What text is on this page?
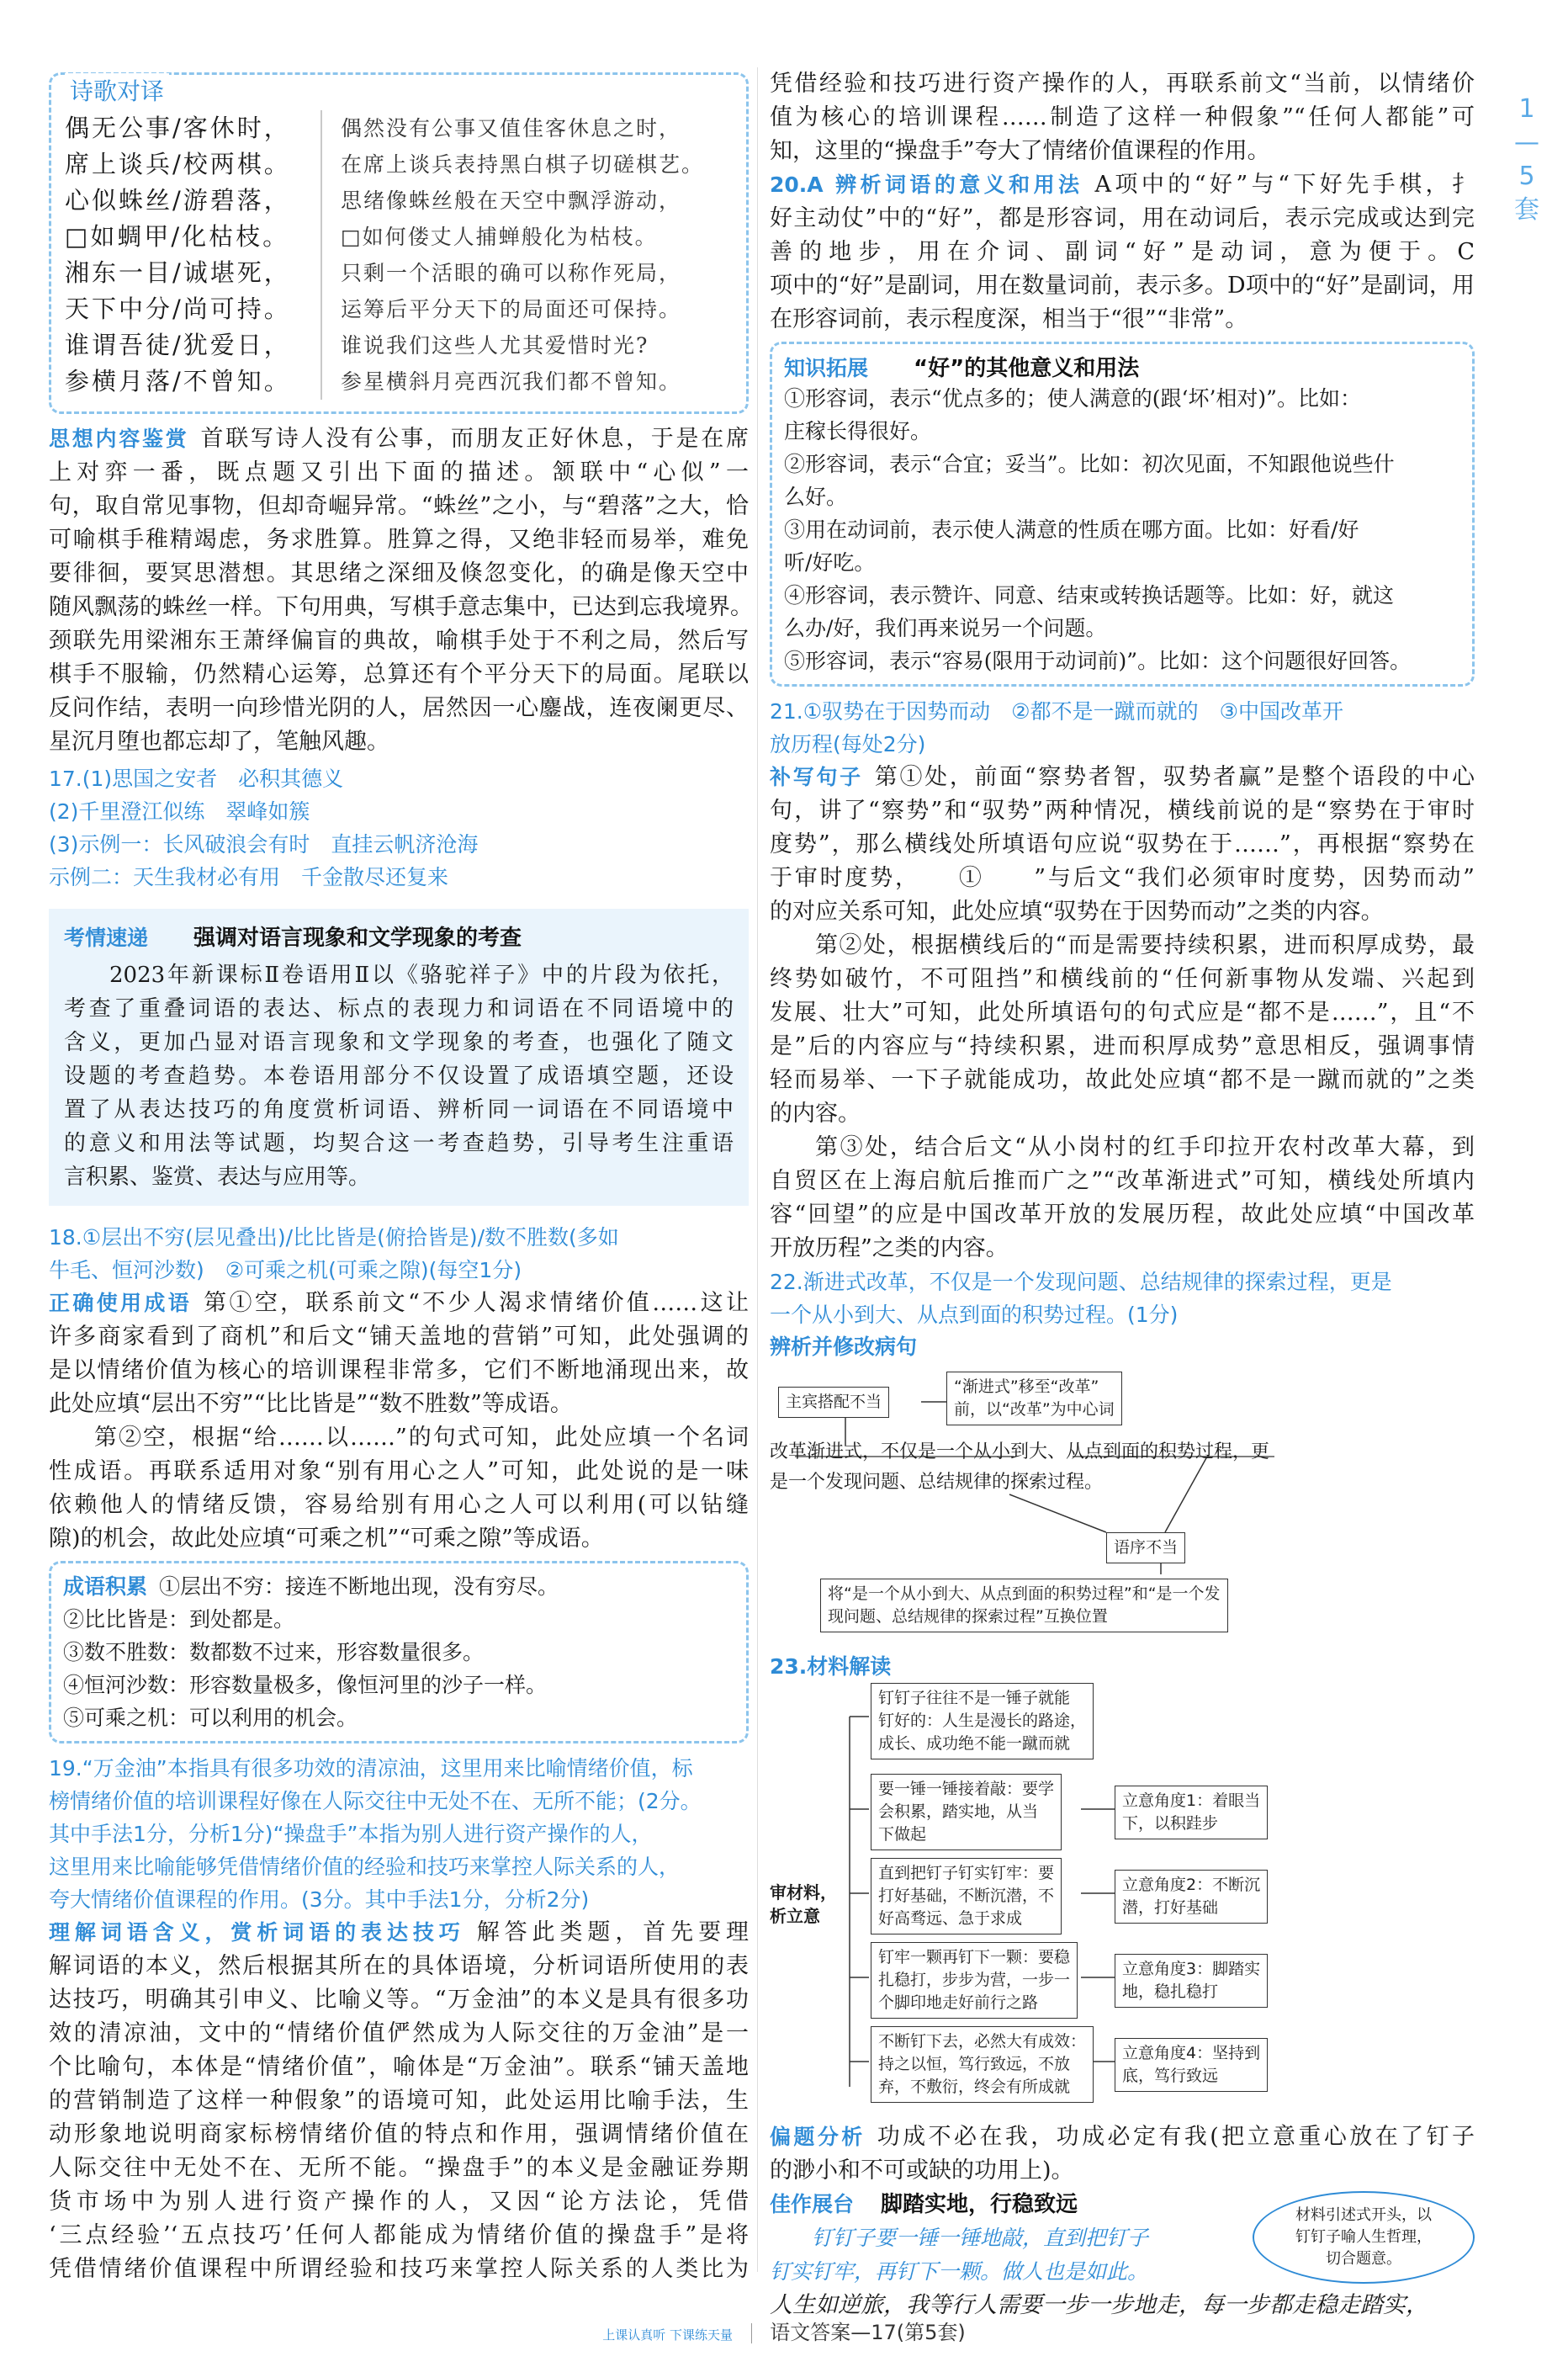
诗歌对译
偶无公事/客休时，
席上谈兵/校两棋。
心似蛛丝/游碧落，
□如蜩甲/化枯枝。
湘东一目/诚堪死，
天下中分/尚可持。
谁谓吾徒/犹爱日，
参横月落/不曾知。
偶然没有公事又值佳客休息之时，
在席上谈兵表持黑白棋子切磋棋艺。
思绪像蛛丝般在天空中飘浮游动，
□如何偻丈人捕蝉般化为枯枝。
只剩一个活眼的确可以称作死局，
运筹后平分天下的局面还可保持。
谁说我们这些人尤其爱惜时光?
参星横斜月亮西沉我们都不曾知。
思想内容鉴赏 首联写诗人没有公事，而朋友正好休息，于是在席
上对弈一番，既点题又引出下面的描述。颔联中“心似”一
句，取自常见事物，但却奇崛异常。“蛛丝”之小，与“碧落”之大，恰
可喻棋手稚精竭虑，务求胜算。胜算之得，又绝非轻而易举，难免
要徘徊，要冥思潜想。其思绪之深细及倏忽变化，的确是像天空中
随风飘荡的蛛丝一样。下句用典，写棋手意志集中，已达到忘我境界。
颈联先用梁湘东王萧绎偏盲的典故，喻棋手处于不利之局，然后写
棋手不服输，仍然精心运筹，总算还有个平分天下的局面。尾联以
反问作结，表明一向珍惜光阴的人，居然因一心鏖战，连夜阑更尽、
星沉月堕也都忘却了，笔触风趣。
17.(1)思国之安者　必积其德义
(2)千里澄江似练　翠峰如簇
(3)示例一：长风破浪会有时　直挂云帆济沧海
示例二：天生我材必有用　千金散尽还复来
考情速递 强调对语言现象和文学现象的考查
2023年新课标Ⅱ卷语用Ⅱ以《骆驼祥子》中的片段为依托，
考查了重叠词语的表达、标点的表现力和词语在不同语境中的
含义，更加凸显对语言现象和文学现象的考查，也强化了随文
设题的考查趋势。本卷语用部分不仅设置了成语填空题，还设
置了从表达技巧的角度赏析词语、辨析同一词语在不同语境中
的意义和用法等试题，均契合这一考查趋势，引导考生注重语
言积累、鉴赏、表达与应用等。
18.①层出不穷(层见叠出)/比比皆是(俯拾皆是)/数不胜数(多如
牛毛、恒河沙数)　②可乘之机(可乘之隙)(每空1分)
正确使用成语 第①空，联系前文“不少人渴求情绪价值……这让
许多商家看到了商机”和后文“铺天盖地的营销”可知，此处强调的
是以情绪价值为核心的培训课程非常多，它们不断地涌现出来，故
此处应填“层出不穷”“比比皆是”“数不胜数”等成语。
第②空，根据“给……以……”的句式可知，此处应填一个名词
性成语。再联系适用对象“别有用心之人”可知，此处说的是一味
依赖他人的情绪反馈，容易给别有用心之人可以利用(可以钻缝
隙)的机会，故此处应填“可乘之机”“可乘之隙”等成语。
成语积累 ①层出不穷：接连不断地出现，没有穷尽。
②比比皆是：到处都是。
③数不胜数：数都数不过来，形容数量很多。
④恒河沙数：形容数量极多，像恒河里的沙子一样。
⑤可乘之机：可以利用的机会。
19.“万金油”本指具有很多功效的清凉油，这里用来比喻情绪价值，标
榜情绪价值的培训课程好像在人际交往中无处不在、无所不能；(2分。
其中手法1分，分析1分)“操盘手”本指为别人进行资产操作的人，
这里用来比喻能够凭借情绪价值的经验和技巧来掌控人际关系的人，
夸大情绪价值课程的作用。(3分。其中手法1分，分析2分)
理解词语含义，赏析词语的表达技巧 解答此类题，首先要理
解词语的本义，然后根据其所在的具体语境，分析词语所使用的表
达技巧，明确其引申义、比喻义等。“万金油”的本义是具有很多功
效的清凉油，文中的“情绪价值俨然成为人际交往的万金油”是一
个比喻句，本体是“情绪价值”，喻体是“万金油”。联系“铺天盖地
的营销制造了这样一种假象”的语境可知，此处运用比喻手法，生
动形象地说明商家标榜情绪价值的特点和作用，强调情绪价值在
人际交往中无处不在、无所不能。“操盘手”的本义是金融证券期
货市场中为别人进行资产操作的人，又因“论方法论，凭借
‘三点经验’‘五点技巧’任何人都能成为情绪价值的操盘手”是将
凭借情绪价值课程中所谓经验和技巧来掌控人际关系的人类比为
凭借经验和技巧进行资产操作的人，再联系前文“当前，以情绪价
值为核心的培训课程……制造了这样一种假象”“任何人都能”可
知，这里的“操盘手”夸大了情绪价值课程的作用。
20.A 辨析词语的意义和用法 A项中的“好”与“下好先手棋，扌
好主动仗”中的“好”，都是形容词，用在动词后，表示完成或达到完
善的地步，用在介词、副词“好”是动词，意为便于。C
项中的“好”是副词，用在数量词前，表示多。D项中的“好”是副词，用
在形容词前，表示程度深，相当于“很”“非常”。
知识拓展 “好”的其他意义和用法
①形容词，表示“优点多的；使人满意的(跟‘坏’相对)”。比如：
庄稼长得很好。
②形容词，表示“合宜；妥当”。比如：初次见面，不知跟他说些什
么好。
③用在动词前，表示使人满意的性质在哪方面。比如：好看/好
听/好吃。
④形容词，表示赞许、同意、结束或转换话题等。比如：好，就这
么办/好，我们再来说另一个问题。
⑤形容词，表示“容易(限用于动词前)”。比如：这个问题很好回答。
21.①驭势在于因势而动　②都不是一蹴而就的　③中国改革开
放历程(每处2分)
补写句子 第①处，前面“察势者智，驭势者赢”是整个语段的中心
句，讲了“察势”和“驭势”两种情况，横线前说的是“察势在于审时
度势”，那么横线处所填语句应说“驭势在于……”，再根据“察势在
于审时度势，　　①　　”与后文“我们必须审时度势，因势而动”
的对应关系可知，此处应填“驭势在于因势而动”之类的内容。
第②处，根据横线后的“而是需要持续积累，进而积厚成势，最
终势如破竹，不可阻挡”和横线前的“任何新事物从发端、兴起到
发展、壮大”可知，此处所填语句的句式应是“都不是……”，且“不
是”后的内容应与“持续积累，进而积厚成势”意思相反，强调事情
轻而易举、一下子就能成功，故此处应填“都不是一蹴而就的”之类
的内容。
第③处，结合后文“从小岗村的红手印拉开农村改革大幕，到
自贸区在上海启航后推而广之”“改革渐进式”可知，横线处所填内
容“回望”的应是中国改革开放的发展历程，故此处应填“中国改革
开放历程”之类的内容。
22.渐进式改革，不仅是一个发现问题、总结规律的探索过程，更是
一个从小到大、从点到面的积势过程。(1分)
辨析并修改病句
主宾搭配不当
“渐进式”移至“改革”
前，以“改革”为中心词
改革渐进式，不仅是一个从小到大、从点到面的积势过程，更
是一个发现问题、总结规律的探索过程。
语序不当
将“是一个从小到大、从点到面的积势过程”和“是一个发
现问题、总结规律的探索过程”互换位置
23.材料解读
审材料，
析立意
钉钉子往往不是一锤子就能
钉好的：人生是漫长的路途，
成长、成功绝不能一蹴而就
要一锤一锤接着敲：要学
会积累，踏实地，从当
下做起
立意角度1：着眼当
下，以积跬步
直到把钉子钉实钉牢：要
打好基础，不断沉潜，不
好高骛远、急于求成
立意角度2：不断沉
潜，打好基础
钉牢一颗再钉下一颗：要稳
扎稳打，步步为营，一步一
个脚印地走好前行之路
立意角度3：脚踏实
地，稳扎稳打
不断钉下去，必然大有成效：
持之以恒，笃行致远，不放
弃，不敷衍，终会有所成就
立意角度4：坚持到
底，笃行致远
偏题分析 功成不必在我，功成必定有我(把立意重心放在了钉子
的渺小和不可或缺的功用上)。
佳作展台 脚踏实地，行稳致远
钉钉子要一锤一锤地敲，直到把钉子
钉实钉牢，再钉下一颗。做人也是如此。
材料引述式开头，以
钉钉子喻人生哲理，
切合题意。
人生如逆旅，我等行人需要一步一步地走，每一步都走稳走踏实，
1
—
5
套
上课认真听 下课练天量 语文答案—17(第5套)
